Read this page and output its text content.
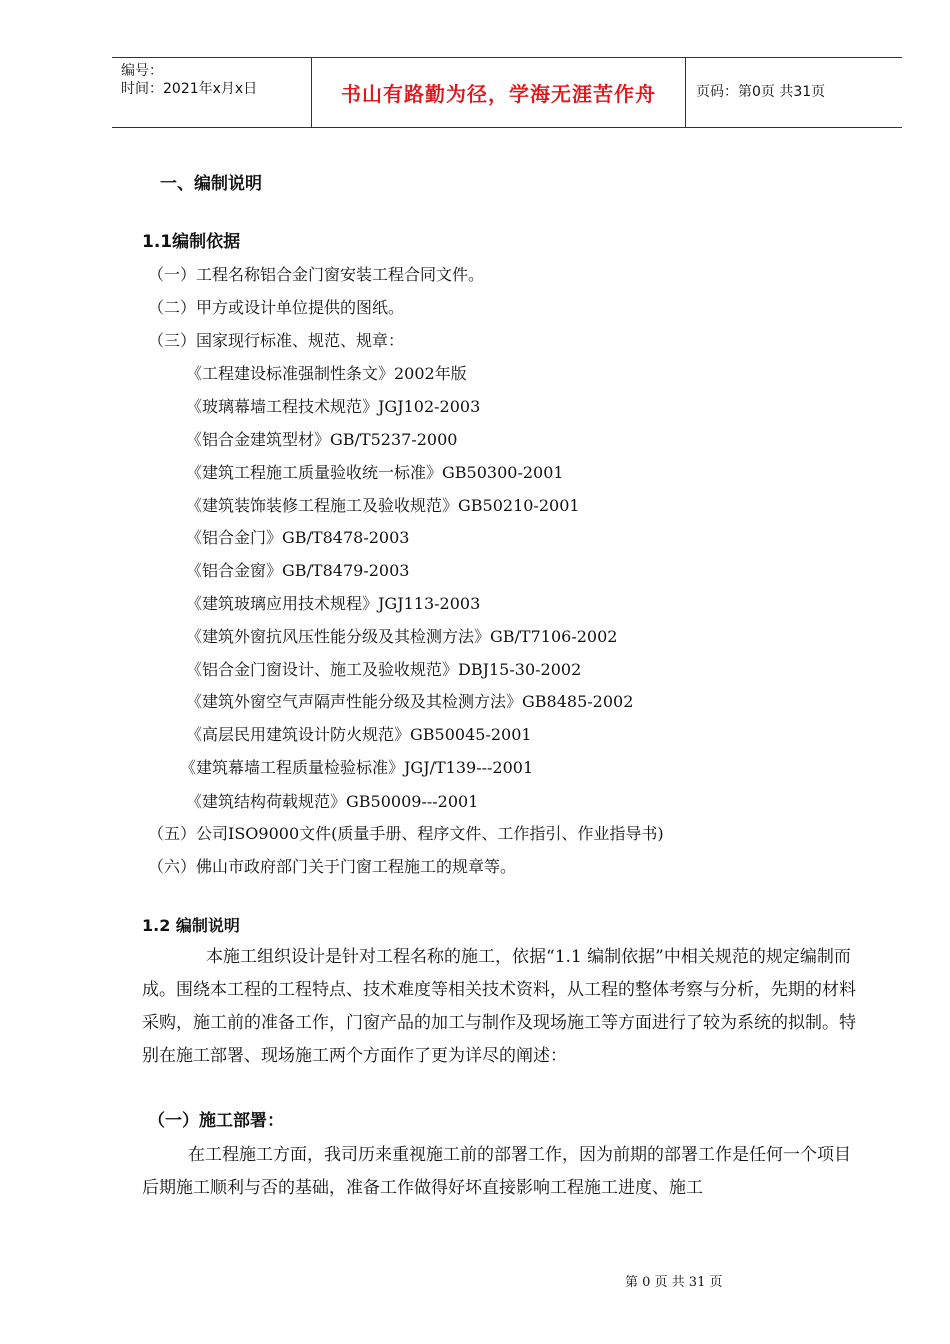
编号：
时间：2021年x月x日	书山有路勤为径，学海无涯苦作舟	页码：第0页 共31页
一、编制说明
1.1编制依据
（一）工程名称铝合金门窗安装工程合同文件。
（二）甲方或设计单位提供的图纸。
（三）国家现行标准、规范、规章：
《工程建设标准强制性条文》2002年版
《玻璃幕墙工程技术规范》JGJ102-2003
《铝合金建筑型材》GB/T5237-2000
《建筑工程施工质量验收统一标准》GB50300-2001
《建筑装饰装修工程施工及验收规范》GB50210-2001
《铝合金门》GB/T8478-2003
《铝合金窗》GB/T8479-2003
《建筑玻璃应用技术规程》JGJ113-2003
《建筑外窗抗风压性能分级及其检测方法》GB/T7106-2002
《铝合金门窗设计、施工及验收规范》DBJ15-30-2002
《建筑外窗空气声隔声性能分级及其检测方法》GB8485-2002
《高层民用建筑设计防火规范》GB50045-2001
《建筑幕墙工程质量检验标准》JGJ/T139---2001
《建筑结构荷载规范》GB50009---2001
（五）公司ISO9000文件(质量手册、程序文件、工作指引、作业指导书)
（六）佛山市政府部门关于门窗工程施工的规章等。
1.2 编制说明
本施工组织设计是针对工程名称的施工，依据“1.1 编制依据”中相关规范的规定编制而成。围绕本工程的工程特点、技术难度等相关技术资料，从工程的整体考察与分析，先期的材料采购，施工前的准备工作，门窗产品的加工与制作及现场施工等方面进行了较为系统的拟制。特别在施工部署、现场施工两个方面作了更为详尽的阐述：
（一）施工部署：
在工程施工方面，我司历来重视施工前的部署工作，因为前期的部署工作是任何一个项目后期施工顺利与否的基础，准备工作做得好坏直接影响工程施工进度、施工
第 0 页 共 31 页
